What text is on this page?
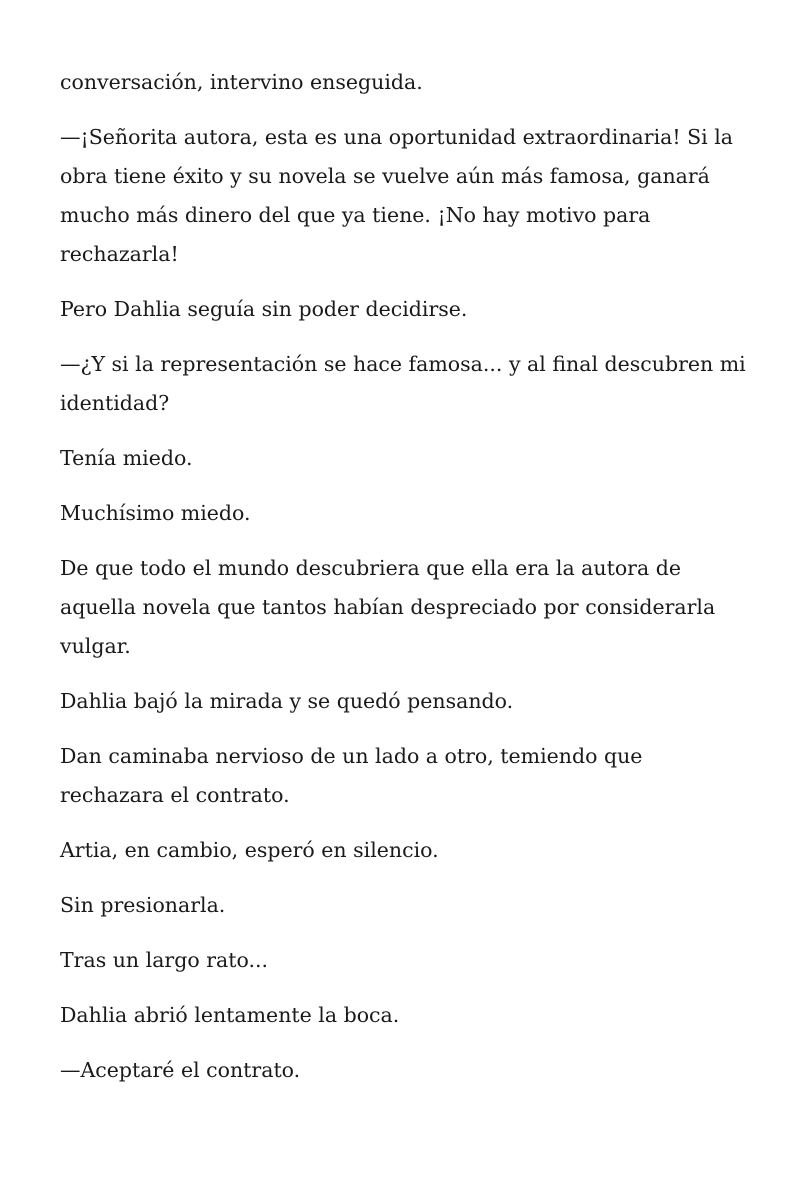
conversación, intervino enseguida.

—¡Señorita autora, esta es una oportunidad extraordinaria! Si la obra tiene éxito y su novela se vuelve aún más famosa, ganará mucho más dinero del que ya tiene. ¡No hay motivo para rechazarla!

Pero Dahlia seguía sin poder decidirse.

—¿Y si la representación se hace famosa... y al final descubren mi identidad?

Tenía miedo.

Muchísimo miedo.

De que todo el mundo descubriera que ella era la autora de aquella novela que tantos habían despreciado por considerarla vulgar.

Dahlia bajó la mirada y se quedó pensando.

Dan caminaba nervioso de un lado a otro, temiendo que rechazara el contrato.

Artia, en cambio, esperó en silencio.

Sin presionarla.

Tras un largo rato...

Dahlia abrió lentamente la boca.

—Aceptaré el contrato.
